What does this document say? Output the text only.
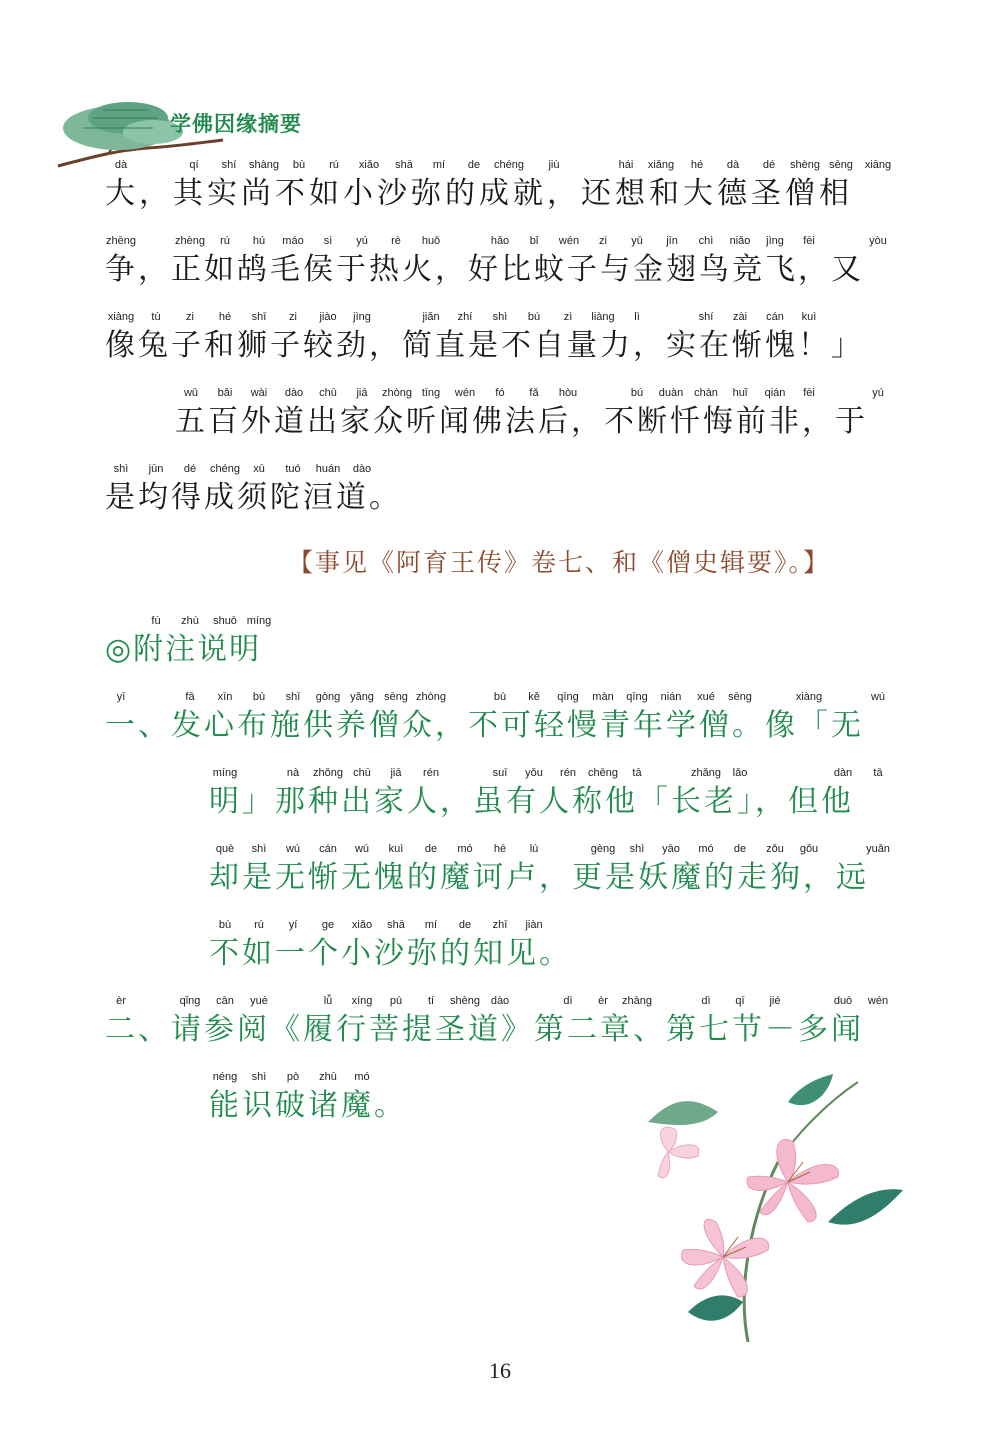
学佛因缘摘要
dà	qí shí shàng bù rú xiǎo shā mí de chéng jiù	hái xiǎng hé dà dé shèng sēng xiāng
大，其实尚不如小沙弥的成就，还想和大德圣僧相
zhēng	zhèng rú hú máo sì yú rè huǒ	hǎo bǐ wén zi yǔ jīn chì niǎo jìng fēi	yòu
争，正如鸪毛侯于热火，好比蚊子与金翅鸟竞飞，又
xiàng tù zi hé shī zi jiào jìng	jiǎn zhí shì bú zì liàng lì	shí zài cán kuì
像兔子和狮子较劲，简直是不自量力，实在惭愧！」
wǔ bǎi wài dào chū jiā zhòng tīng wén fó fǎ hòu	bú duàn chàn huǐ qián fēi	yú
五百外道出家众听闻佛法后，不断忏悔前非，于
shì jūn dé chéng xū tuó huán dào
是均得成须陀洹道。
【事见《阿育王传》卷七、和《僧史辑要》。】
fù zhù shuō míng
◎附注说明
yī	fā xīn bù shī gòng yǎng sēng zhòng	bù kě qīng màn qīng nián xué sēng	xiàng	wú
一、发心布施供养僧众，不可轻慢青年学僧。像「无
míng	nà zhǒng chū jiā rén	suī yǒu rén chēng tā	zhǎng lǎo	dàn tā
明」那种出家人，虽有人称他「长老」，但他
què shì wú cán wú kuì de mó hē lú	gèng shì yāo mó de zǒu gǒu	yuǎn
却是无惭无愧的魔诃卢，更是妖魔的走狗，远
bù rú yí ge xiǎo shā mí de zhī jiàn
不如一个小沙弥的知见。
èr	qǐng cān yuè	lǚ xíng pú tí shèng dào	dì èr zhāng	dì qī jié	duō wén
二、请参阅《履行菩提圣道》第二章、第七节－多闻
néng shì pò zhū mó
能识破诸魔。
16
